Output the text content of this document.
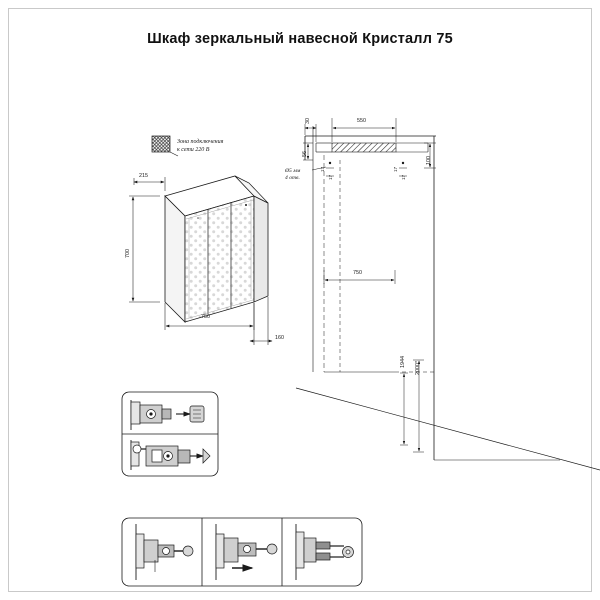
Шкаф зеркальный навесной Кристалл 75
Зона подключения
к сети 220 В
215
700
750
160
30	550
56
100
Ø5 мм
4 отв.
17
17
17
17
750
1944 2000*
